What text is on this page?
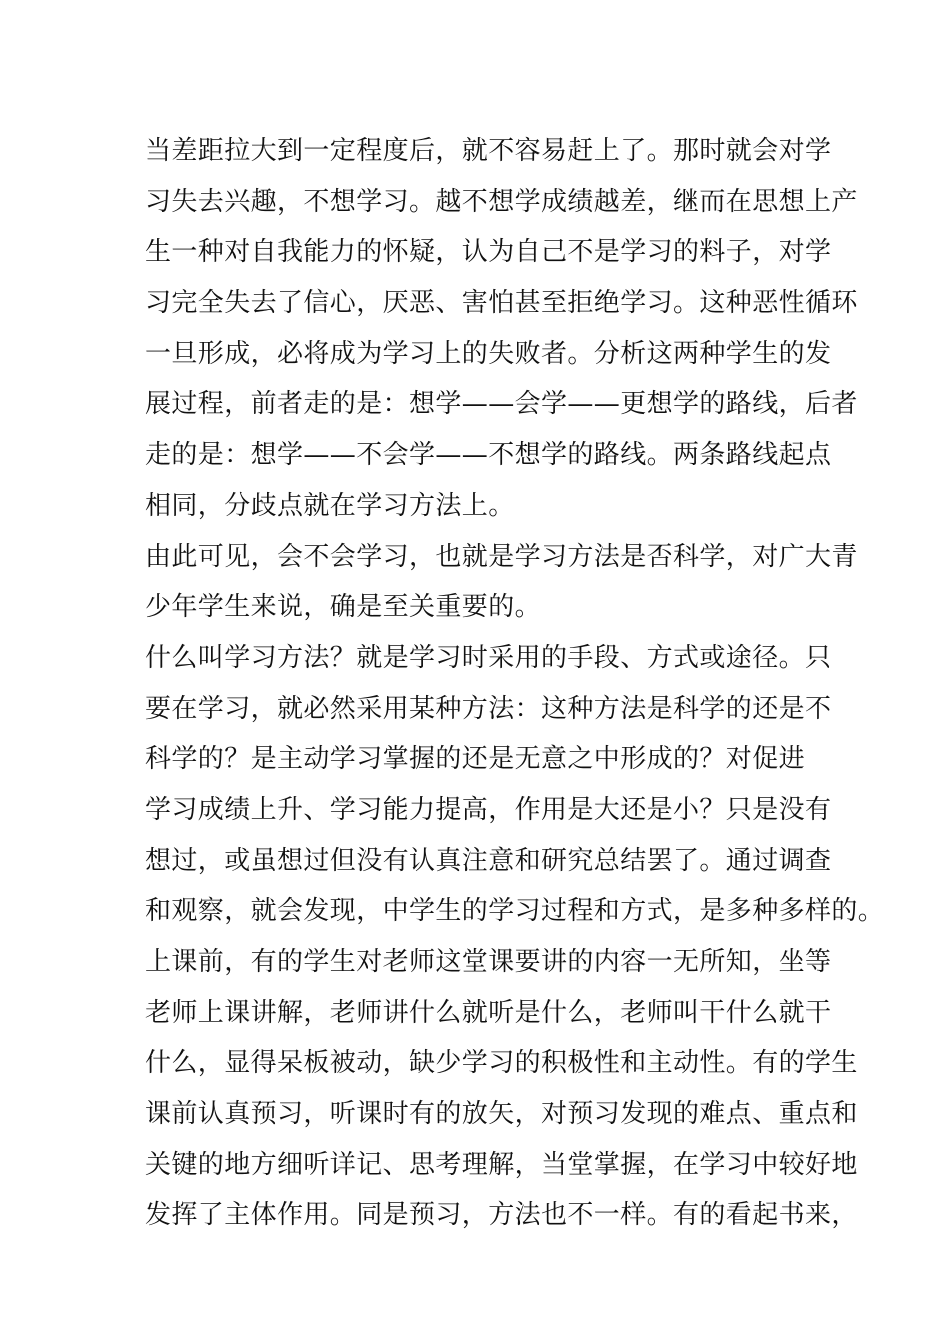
当差距拉大到一定程度后，就不容易赶上了。那时就会对学
习失去兴趣，不想学习。越不想学成绩越差，继而在思想上产
生一种对自我能力的怀疑，认为自己不是学习的料子，对学
习完全失去了信心，厌恶、害怕甚至拒绝学习。这种恶性循环
一旦形成，必将成为学习上的失败者。分析这两种学生的发
展过程，前者走的是：想学——会学——更想学的路线，后者
走的是：想学——不会学——不想学的路线。两条路线起点
相同，分歧点就在学习方法上。
由此可见，会不会学习，也就是学习方法是否科学，对广大青
少年学生来说，确是至关重要的。
什么叫学习方法？就是学习时采用的手段、方式或途径。只
要在学习，就必然采用某种方法：这种方法是科学的还是不
科学的？是主动学习掌握的还是无意之中形成的？对促进
学习成绩上升、学习能力提高，作用是大还是小？只是没有
想过，或虽想过但没有认真注意和研究总结罢了。通过调查
和观察，就会发现，中学生的学习过程和方式，是多种多样的。
上课前，有的学生对老师这堂课要讲的内容一无所知，坐等
老师上课讲解，老师讲什么就听是什么，老师叫干什么就干
什么，显得呆板被动，缺少学习的积极性和主动性。有的学生
课前认真预习，听课时有的放矢，对预习发现的难点、重点和
关键的地方细听详记、思考理解，当堂掌握，在学习中较好地
发挥了主体作用。同是预习，方法也不一样。有的看起书来，
